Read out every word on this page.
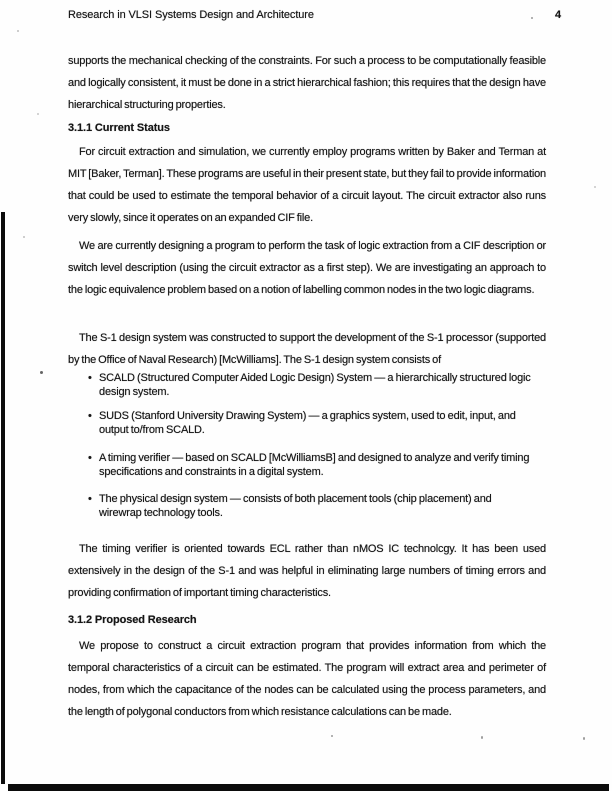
Research in VLSI Systems Design and Architecture	4

supports the mechanical checking of the constraints. For such a process to be computationally feasible and logically consistent, it must be done in a strict hierarchical fashion; this requires that the design have hierarchical structuring properties.

3.1.1 Current Status

For circuit extraction and simulation, we currently employ programs written by Baker and Terman at MIT [Baker, Terman]. These programs are useful in their present state, but they fail to provide information that could be used to estimate the temporal behavior of a circuit layout. The circuit extractor also runs very slowly, since it operates on an expanded CIF file.

We are currently designing a program to perform the task of logic extraction from a CIF description or switch level description (using the circuit extractor as a first step). We are investigating an approach to the logic equivalence problem based on a notion of labelling common nodes in the two logic diagrams.

The S-1 design system was constructed to support the development of the S-1 processor (supported by the Office of Naval Research) [McWilliams]. The S-1 design system consists of

• SCALD (Structured Computer Aided Logic Design) System — a hierarchically structured logic design system.
• SUDS (Stanford University Drawing System) — a graphics system, used to edit, input, and output to/from SCALD.
• A timing verifier — based on SCALD [McWilliamsB] and designed to analyze and verify timing specifications and constraints in a digital system.
• The physical design system — consists of both placement tools (chip placement) and wirewrap technology tools.

The timing verifier is oriented towards ECL rather than nMOS IC technolcgy. It has been used extensively in the design of the S-1 and was helpful in eliminating large numbers of timing errors and providing confirmation of important timing characteristics.

3.1.2 Proposed Research

We propose to construct a circuit extraction program that provides information from which the temporal characteristics of a circuit can be estimated. The program will extract area and perimeter of nodes, from which the capacitance of the nodes can be calculated using the process parameters, and the length of polygonal conductors from which resistance calculations can be made.
